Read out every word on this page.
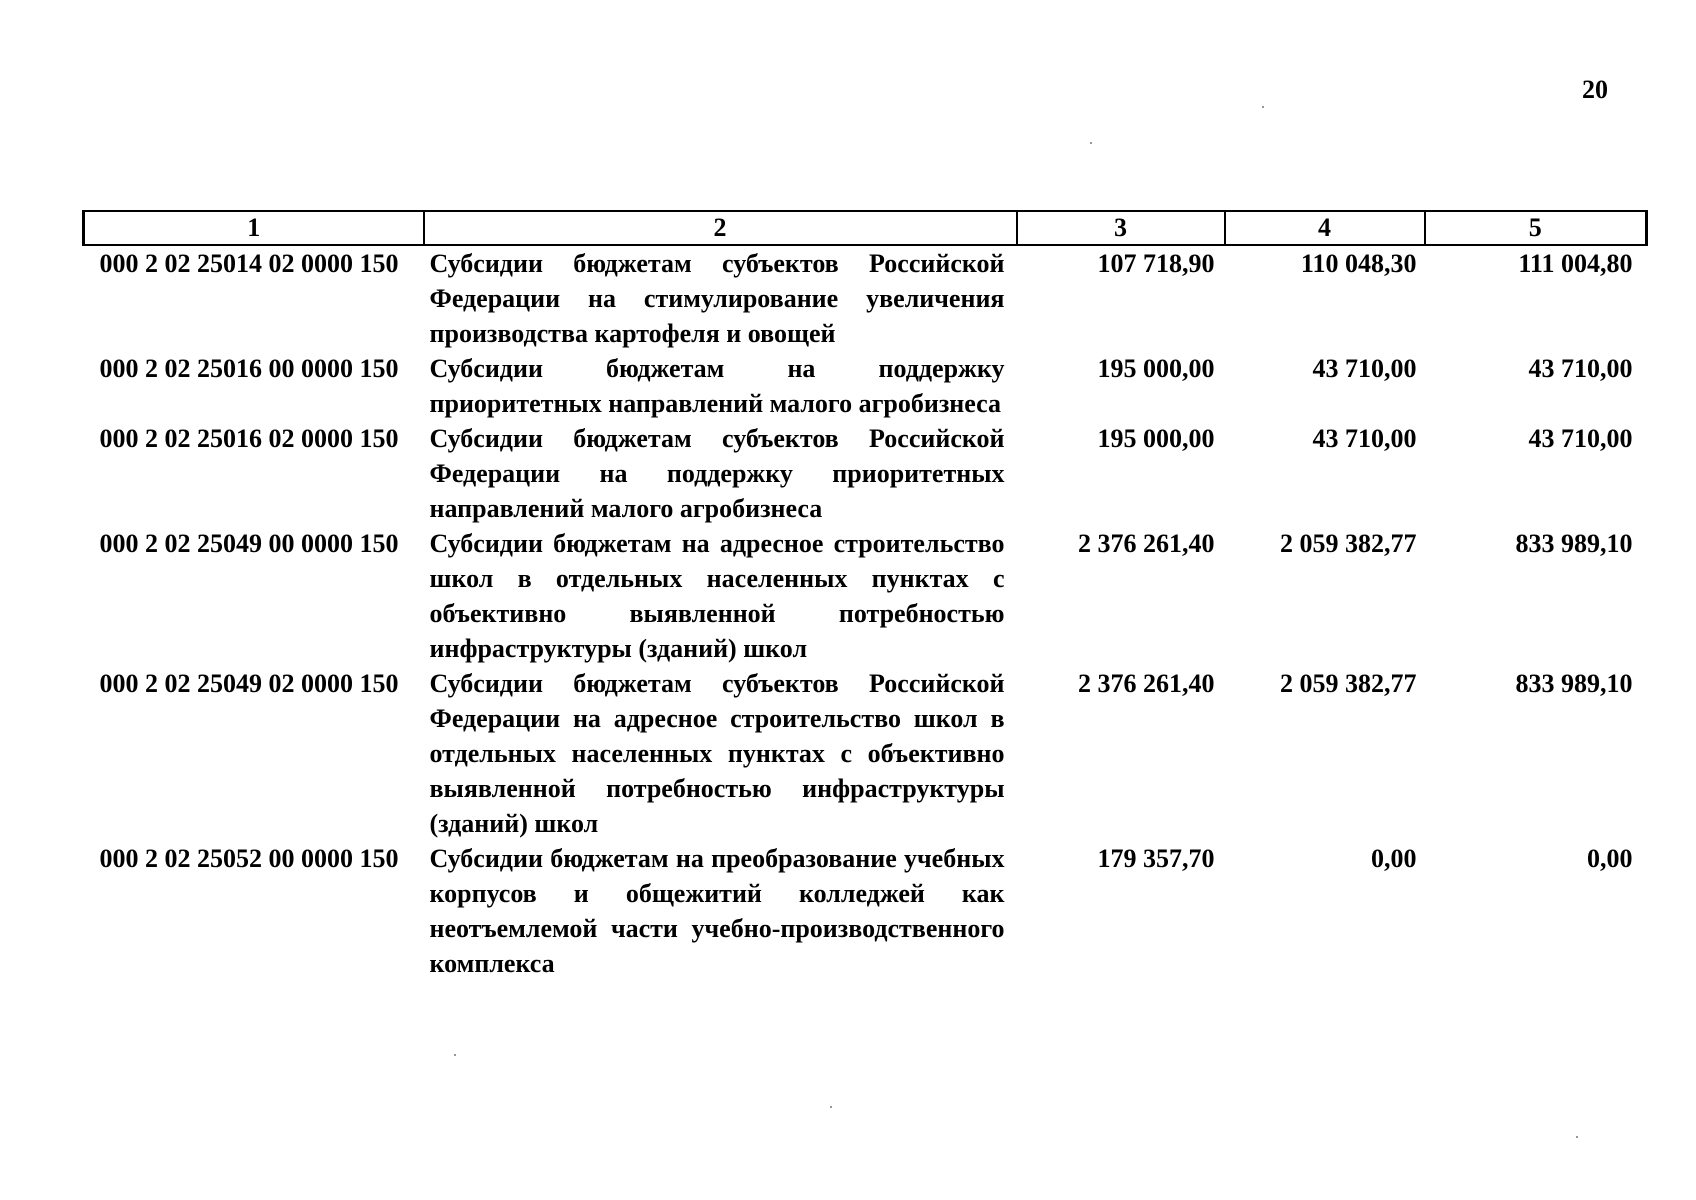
20
1	2	3	4	5
000 2 02 25014 02 0000 150	Субсидии бюджетам субъектов Российской Федерации на стимулирование увеличения производства картофеля и овощей	107 718,90	110 048,30	111 004,80
000 2 02 25016 00 0000 150	Субсидии бюджетам на поддержку приоритетных направлений малого агробизнеса	195 000,00	43 710,00	43 710,00
000 2 02 25016 02 0000 150	Субсидии бюджетам субъектов Российской Федерации на поддержку приоритетных направлений малого агробизнеса	195 000,00	43 710,00	43 710,00
000 2 02 25049 00 0000 150	Субсидии бюджетам на адресное строительство школ в отдельных населенных пунктах с объективно выявленной потребностью инфраструктуры (зданий) школ	2 376 261,40	2 059 382,77	833 989,10
000 2 02 25049 02 0000 150	Субсидии бюджетам субъектов Российской Федерации на адресное строительство школ в отдельных населенных пунктах с объективно выявленной потребностью инфраструктуры (зданий) школ	2 376 261,40	2 059 382,77	833 989,10
000 2 02 25052 00 0000 150	Субсидии бюджетам на преобразование учебных корпусов и общежитий колледжей как неотъемлемой части учебно-производственного комплекса	179 357,70	0,00	0,00
